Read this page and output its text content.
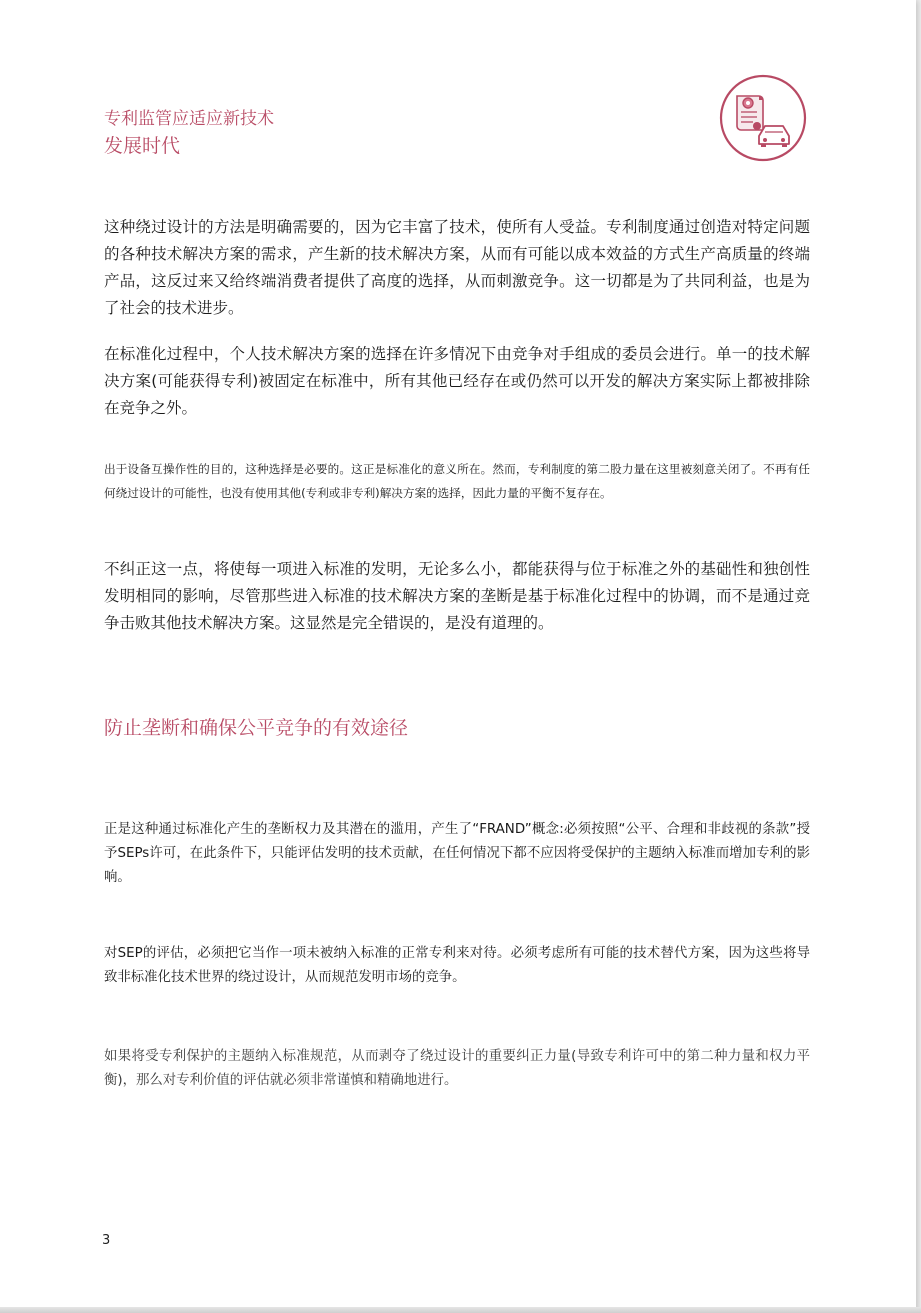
专利监管应适应新技术
发展时代

这种绕过设计的方法是明确需要的，因为它丰富了技术，使所有人受益。专利制度通过创造对特定问题的各种技术解决方案的需求，产生新的技术解决方案，从而有可能以成本效益的方式生产高质量的终端产品，这反过来又给终端消费者提供了高度的选择，从而刺激竞争。这一切都是为了共同利益，也是为了社会的技术进步。

在标准化过程中，个人技术解决方案的选择在许多情况下由竞争对手组成的委员会进行。单一的技术解决方案(可能获得专利)被固定在标准中，所有其他已经存在或仍然可以开发的解决方案实际上都被排除在竞争之外。

出于设备互操作性的目的，这种选择是必要的。这正是标准化的意义所在。然而，专利制度的第二股力量在这里被刻意关闭了。不再有任何绕过设计的可能性，也没有使用其他(专利或非专利)解决方案的选择，因此力量的平衡不复存在。

不纠正这一点，将使每一项进入标准的发明，无论多么小，都能获得与位于标准之外的基础性和独创性发明相同的影响，尽管那些进入标准的技术解决方案的垄断是基于标准化过程中的协调，而不是通过竞争击败其他技术解决方案。这显然是完全错误的，是没有道理的。

防止垄断和确保公平竞争的有效途径

正是这种通过标准化产生的垄断权力及其潜在的滥用，产生了“FRAND”概念:必须按照“公平、合理和非歧视的条款”授予SEPs许可，在此条件下，只能评估发明的技术贡献，在任何情况下都不应因将受保护的主题纳入标准而增加专利的影响。

对SEP的评估，必须把它当作一项未被纳入标准的正常专利来对待。必须考虑所有可能的技术替代方案，因为这些将导致非标准化技术世界的绕过设计，从而规范发明市场的竞争。

如果将受专利保护的主题纳入标准规范，从而剥夺了绕过设计的重要纠正力量(导致专利许可中的第二种力量和权力平衡)，那么对专利价值的评估就必须非常谨慎和精确地进行。

3
